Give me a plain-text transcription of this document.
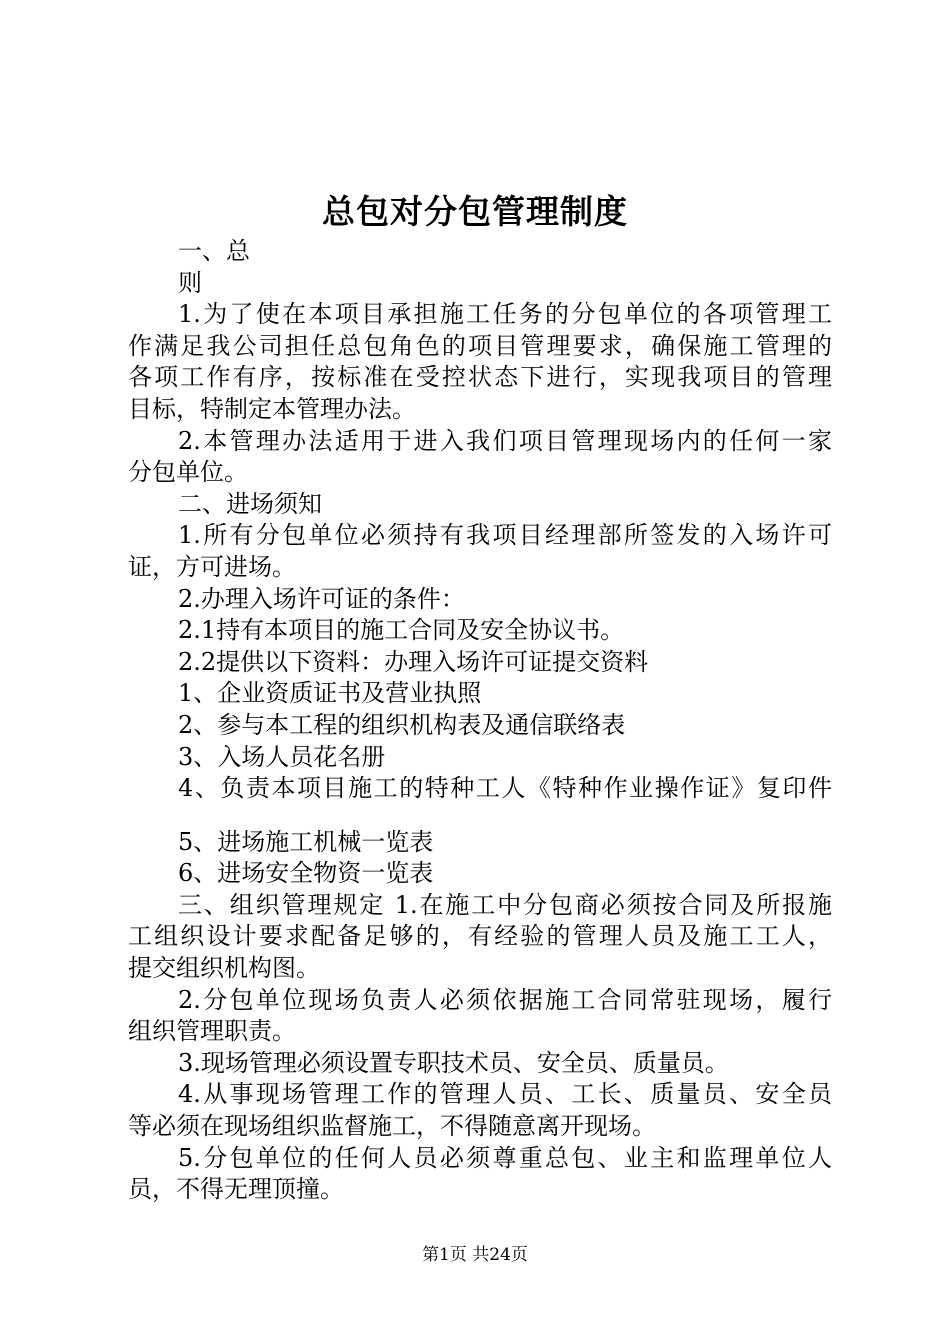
总包对分包管理制度
一、总
则
1.为了使在本项目承担施工任务的分包单位的各项管理工
作满足我公司担任总包角色的项目管理要求，确保施工管理的
各项工作有序，按标准在受控状态下进行，实现我项目的管理
目标，特制定本管理办法。
2.本管理办法适用于进入我们项目管理现场内的任何一家
分包单位。
二、进场须知
1.所有分包单位必须持有我项目经理部所签发的入场许可
证，方可进场。
2.办理入场许可证的条件：
2.1持有本项目的施工合同及安全协议书。
2.2提供以下资料：办理入场许可证提交资料
1、企业资质证书及营业执照
2、参与本工程的组织机构表及通信联络表
3、入场人员花名册
4、负责本项目施工的特种工人《特种作业操作证》复印件
5、进场施工机械一览表
6、进场安全物资一览表
三、组织管理规定 1.在施工中分包商必须按合同及所报施
工组织设计要求配备足够的，有经验的管理人员及施工工人，
提交组织机构图。
2.分包单位现场负责人必须依据施工合同常驻现场，履行
组织管理职责。
3.现场管理必须设置专职技术员、安全员、质量员。
4.从事现场管理工作的管理人员、工长、质量员、安全员
等必须在现场组织监督施工，不得随意离开现场。
5.分包单位的任何人员必须尊重总包、业主和监理单位人
员，不得无理顶撞。
第1页 共24页
